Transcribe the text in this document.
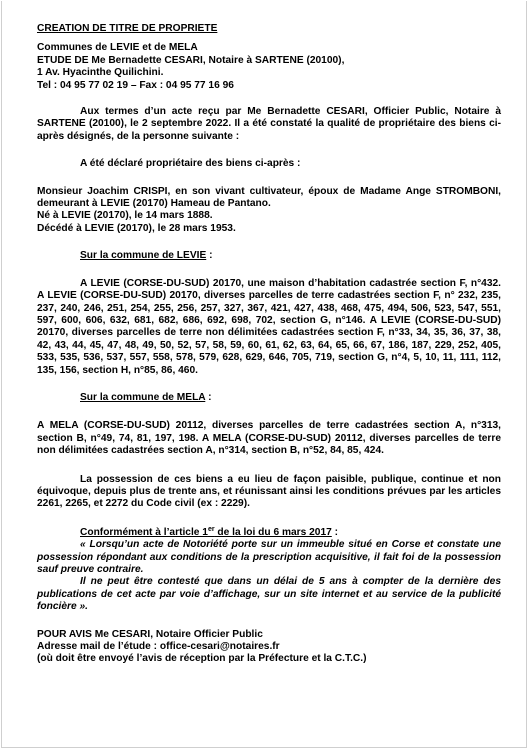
CREATION DE TITRE DE PROPRIETE

Communes de LEVIE et de MELA

ETUDE DE Me Bernadette CESARI, Notaire à SARTENE (20100),

1 Av. Hyacinthe Quilichini.

Tel : 04 95 77 02 19 – Fax : 04 95 77 16 96

Aux termes d’un acte reçu par Me Bernadette CESARI, Officier Public, Notaire à SARTENE (20100), le 2 septembre 2022. Il a été constaté la qualité de propriétaire des biens ci-après désignés, de la personne suivante :

A été déclaré propriétaire des biens ci-après :

Monsieur Joachim CRISPI, en son vivant cultivateur, époux de Madame Ange STROMBONI, demeurant à LEVIE (20170) Hameau de Pantano.

Né à LEVIE (20170), le 14 mars 1888.

Décédé à LEVIE (20170), le 28 mars 1953.

Sur la commune de LEVIE :

A LEVIE (CORSE-DU-SUD) 20170, une maison d’habitation cadastrée section F, n°432. A LEVIE (CORSE-DU-SUD) 20170, diverses parcelles de terre cadastrées section F, n° 232, 235, 237, 240, 246, 251, 254, 255, 256, 257, 327, 367, 421, 427, 438, 468, 475, 494, 506, 523, 547, 551, 597, 600, 606, 632, 681, 682, 686, 692, 698, 702, section G, n°146. A LEVIE (CORSE-DU-SUD) 20170, diverses parcelles de terre non délimitées cadastrées section F, n°33, 34, 35, 36, 37, 38, 42, 43, 44, 45, 47, 48, 49, 50, 52, 57, 58, 59, 60, 61, 62, 63, 64, 65, 66, 67, 186, 187, 229, 252, 405, 533, 535, 536, 537, 557, 558, 578, 579, 628, 629, 646, 705, 719, section G, n°4, 5, 10, 11, 111, 112, 135, 156, section H, n°85, 86, 460.

Sur la commune de MELA :

A MELA (CORSE-DU-SUD) 20112, diverses parcelles de terre cadastrées section A, n°313, section B, n°49, 74, 81, 197, 198. A MELA (CORSE-DU-SUD) 20112, diverses parcelles de terre non délimitées cadastrées section A, n°314, section B, n°52, 84, 85, 424.

La possession de ces biens a eu lieu de façon paisible, publique, continue et non équivoque, depuis plus de trente ans, et réunissant ainsi les conditions prévues par les articles 2261, 2265, et 2272 du Code civil (ex : 2229).

Conformément à l’article 1er de la loi du 6 mars 2017 :

« Lorsqu’un acte de Notoriété porte sur un immeuble situé en Corse et constate une possession répondant aux conditions de la prescription acquisitive, il fait foi de la possession sauf preuve contraire.

Il ne peut être contesté que dans un délai de 5 ans à compter de la dernière des publications de cet acte par voie d’affichage, sur un site internet et au service de la publicité foncière ».

POUR AVIS Me CESARI, Notaire Officier Public

Adresse mail de l’étude : office-cesari@notaires.fr

(où doit être envoyé l’avis de réception par la Préfecture et la C.T.C.)
